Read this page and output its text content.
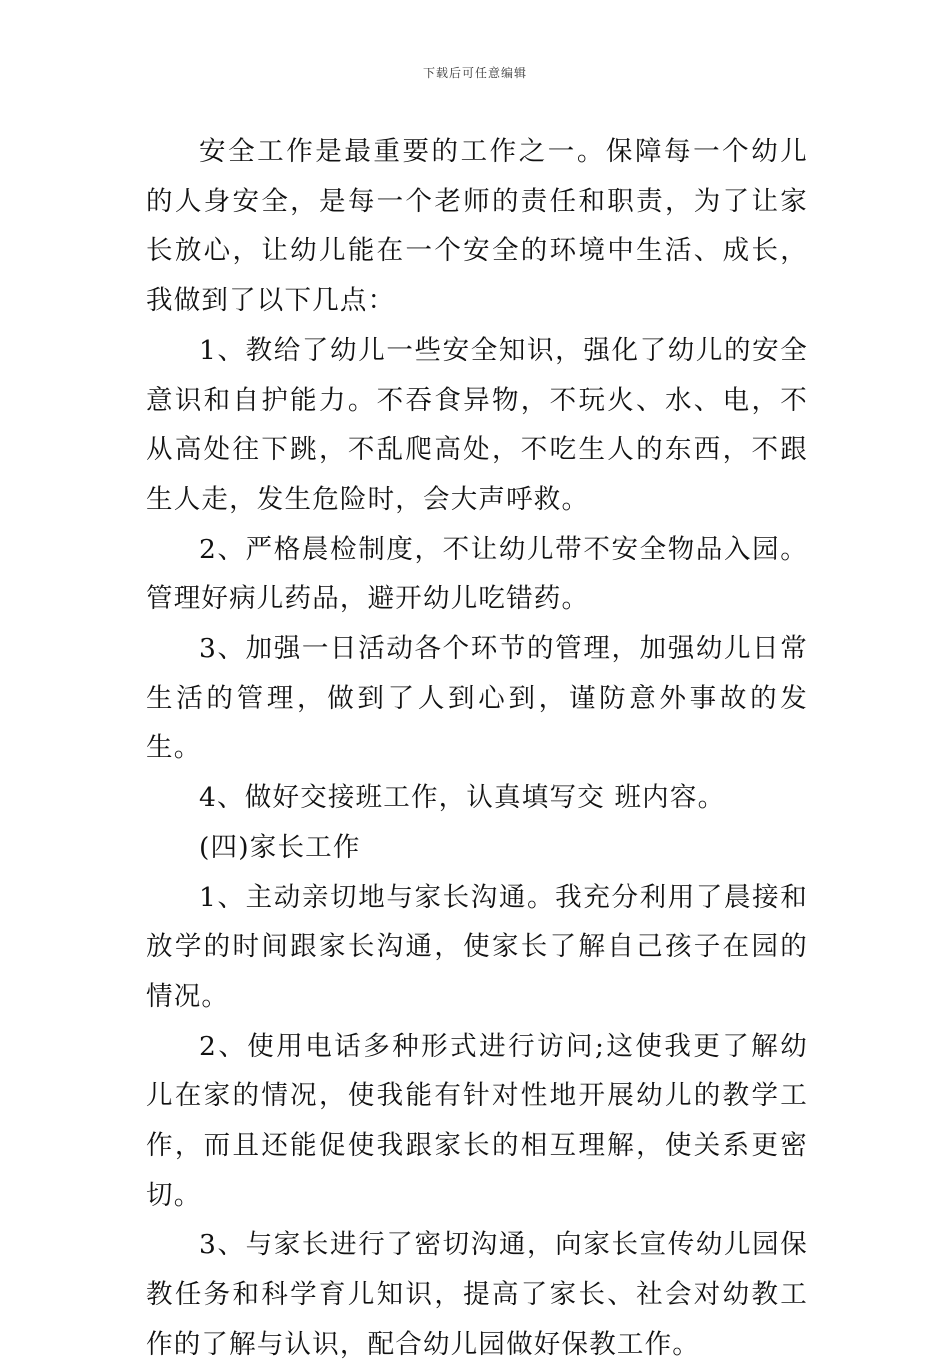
下载后可任意编辑

安全工作是最重要的工作之一。保障每一个幼儿的人身安全，是每一个老师的责任和职责，为了让家长放心，让幼儿能在一个安全的环境中生活、成长，我做到了以下几点：

1、教给了幼儿一些安全知识，强化了幼儿的安全意识和自护能力。不吞食异物，不玩火、水、电，不从高处往下跳，不乱爬高处，不吃生人的东西，不跟生人走，发生危险时，会大声呼救。

2、严格晨检制度，不让幼儿带不安全物品入园。管理好病儿药品，避开幼儿吃错药。

3、加强一日活动各个环节的管理，加强幼儿日常生活的管理，做到了人到心到，谨防意外事故的发生。

4、做好交接班工作，认真填写交 班内容。

(四)家长工作

1、主动亲切地与家长沟通。我充分利用了晨接和放学的时间跟家长沟通，使家长了解自己孩子在园的情况。

2、使用电话多种形式进行访问;这使我更了解幼儿在家的情况，使我能有针对性地开展幼儿的教学工作，而且还能促使我跟家长的相互理解，使关系更密切。

3、与家长进行了密切沟通，向家长宣传幼儿园保教任务和科学育儿知识，提高了家长、社会对幼教工作的了解与认识，配合幼儿园做好保教工作。
